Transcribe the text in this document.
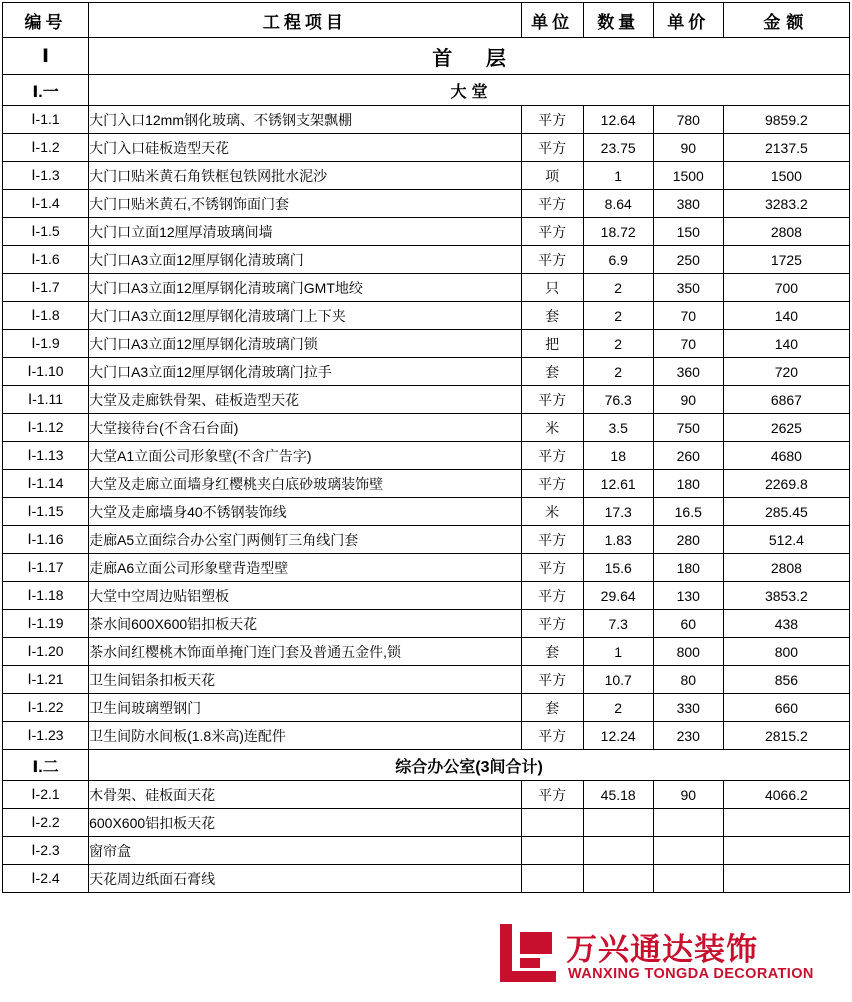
编号	工程项目	单位	数量	单价	金额
Ⅰ	首 层				
Ⅰ.一	大堂				
Ⅰ-1.1	大门入口12mm钢化玻璃、不锈钢支架飘棚	平方	12.64	780	9859.2
Ⅰ-1.2	大门入口硅板造型天花	平方	23.75	90	2137.5
Ⅰ-1.3	大门口贴米黄石角铁框包铁网批水泥沙	项	1	1500	1500
Ⅰ-1.4	大门口贴米黄石,不锈钢饰面门套	平方	8.64	380	3283.2
Ⅰ-1.5	大门口立面12厘厚清玻璃间墙	平方	18.72	150	2808
Ⅰ-1.6	大门口A3立面12厘厚钢化清玻璃门	平方	6.9	250	1725
Ⅰ-1.7	大门口A3立面12厘厚钢化清玻璃门GMT地绞	只	2	350	700
Ⅰ-1.8	大门口A3立面12厘厚钢化清玻璃门上下夹	套	2	70	140
Ⅰ-1.9	大门口A3立面12厘厚钢化清玻璃门锁	把	2	70	140
Ⅰ-1.10	大门口A3立面12厘厚钢化清玻璃门拉手	套	2	360	720
Ⅰ-1.11	大堂及走廊铁骨架、硅板造型天花	平方	76.3	90	6867
Ⅰ-1.12	大堂接待台(不含石台面)	米	3.5	750	2625
Ⅰ-1.13	大堂A1立面公司形象壁(不含广告字)	平方	18	260	4680
Ⅰ-1.14	大堂及走廊立面墙身红樱桃夹白底砂玻璃装饰壁	平方	12.61	180	2269.8
Ⅰ-1.15	大堂及走廊墙身40不锈钢装饰线	米	17.3	16.5	285.45
Ⅰ-1.16	走廊A5立面综合办公室门两侧钉三角线门套	平方	1.83	280	512.4
Ⅰ-1.17	走廊A6立面公司形象壁背造型壁	平方	15.6	180	2808
Ⅰ-1.18	大堂中空周边贴铝塑板	平方	29.64	130	3853.2
Ⅰ-1.19	茶水间600X600铝扣板天花	平方	7.3	60	438
Ⅰ-1.20	茶水间红樱桃木饰面单掩门连门套及普通五金件,锁	套	1	800	800
Ⅰ-1.21	卫生间铝条扣板天花	平方	10.7	80	856
Ⅰ-1.22	卫生间玻璃塑钢门	套	2	330	660
Ⅰ-1.23	卫生间防水间板(1.8米高)连配件	平方	12.24	230	2815.2
Ⅰ.二	综合办公室(3间合计)				
Ⅰ-2.1	木骨架、硅板面天花	平方	45.18	90	4066.2
Ⅰ-2.2	600X600铝扣板天花				
Ⅰ-2.3	窗帘盒				
Ⅰ-2.4	天花周边纸面石膏线				
万兴通达装饰
WANXING TONGDA DECORATION
